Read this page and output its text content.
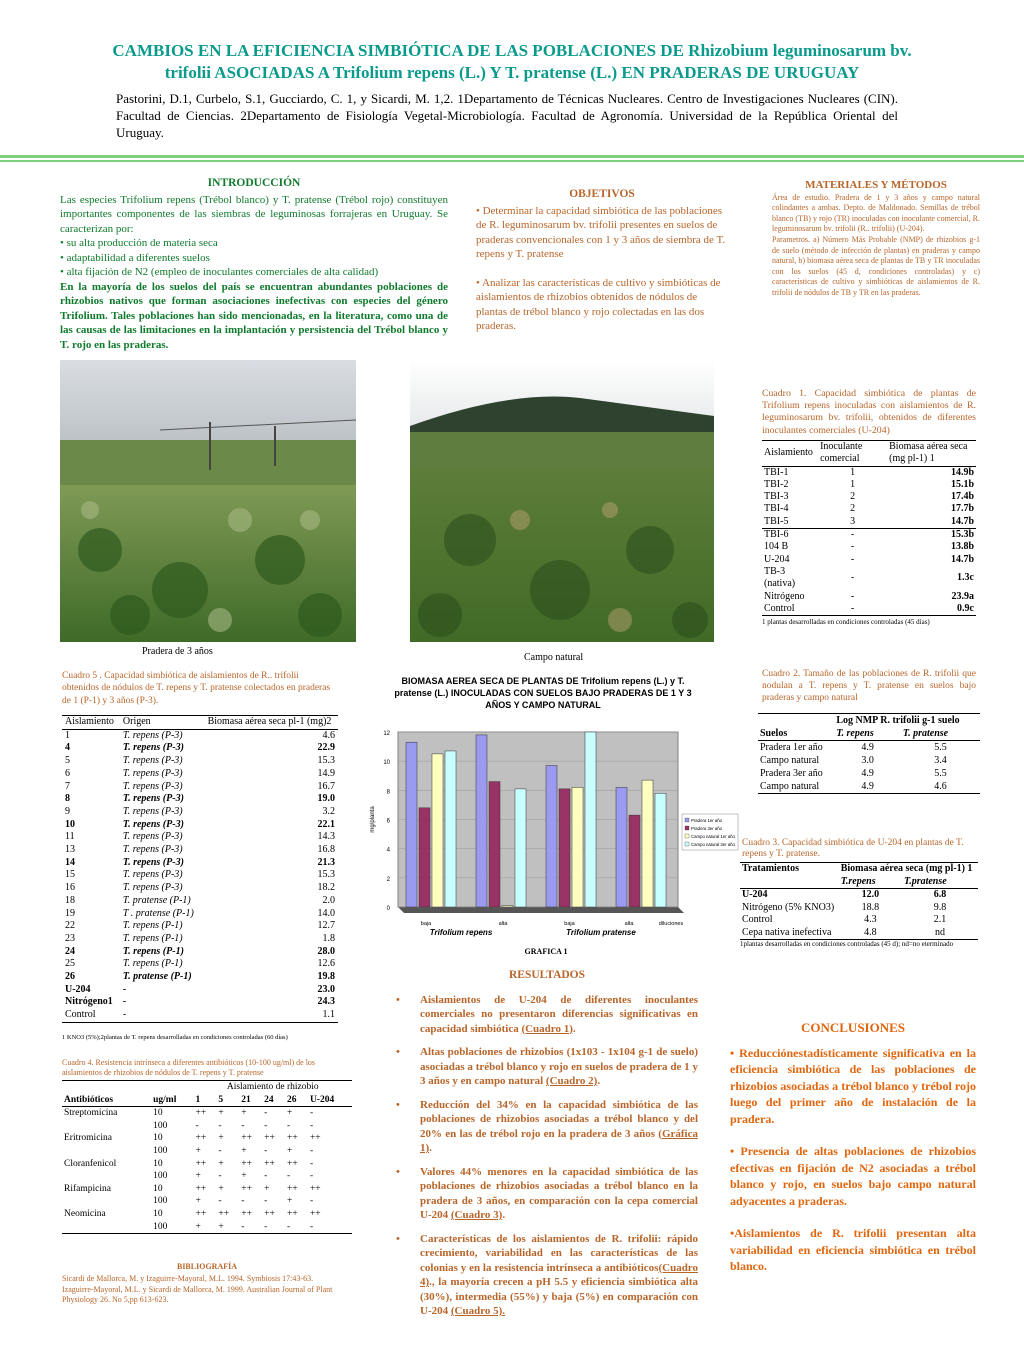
CAMBIOS EN LA EFICIENCIA SIMBIÓTICA DE LAS POBLACIONES DE Rhizobium leguminosarum bv.
trifolii ASOCIADAS A Trifolium repens (L.) Y T. pratense (L.) EN PRADERAS DE URUGUAY
Pastorini, D.1, Curbelo, S.1, Gucciardo, C. 1, y Sicardi, M. 1,2. 1Departamento de Técnicas Nucleares. Centro de Investigaciones Nucleares (CIN). Facultad de Ciencias. 2Departamento de Fisiología Vegetal-Microbiología. Facultad de Agronomía. Universidad de la República Oriental del Uruguay.
INTRODUCCIÓN
Las especies Trifolium repens (Trébol blanco) y T. pratense (Trébol rojo) constituyen importantes componentes de las siembras de leguminosas forrajeras en Uruguay. Se caracterizan por:
• su alta producción de materia seca
• adaptabilidad a diferentes suelos
• alta fijación de N2 (empleo de inoculantes comerciales de alta calidad)
En la mayoría de los suelos del país se encuentran abundantes poblaciones de rhizobios nativos que forman asociaciones inefectivas con especies del género Trifolium. Tales poblaciones han sido mencionadas, en la literatura, como una de las causas de las limitaciones en la implantación y persistencia del Trébol blanco y T. rojo en las praderas.
OBJETIVOS
• Determinar la capacidad simbiótica de las poblaciones de R. leguminosarum bv. trifolii presentes en suelos de praderas convencionales con 1 y 3 años de siembra de T. repens y T. pratense
• Analizar las características de cultivo y simbióticas de aislamientos de rhizobios obtenidos de nódulos de plantas de trébol blanco y rojo colectadas en las dos praderas.
MATERIALES Y MÉTODOS
Área de estudio. Pradera de 1 y 3 años y campo natural colindantes a ambas. Depto. de Maldonado. Semillas de trébol blanco (TB) y rojo (TR) inoculadas con inoculante comercial, R. leguminosarum bv. trifolii (R.. trifolii) (U-204).
Parametros. a) Número Más Probable (NMP) de rhizobios g-1 de suelo (método de infección de plantas) en praderas y campo natural, b) biomasa aérea seca de plantas de TB y TR inoculadas con los suelos (45 d, condiciones controladas) y c) características de cultivo y simbióticas de aislamientos de R. trifolii de nódulos de TB y TR en las praderas.
Pradera de 3 años
Campo natural
Cuadro 1. Capacidad simbiótica de plantas de Trifolium repens inoculadas con aislamientos de R. leguminosarum bv. trifolii, obtenidos de diferentes inoculantes comerciales (U-204)
Aislamiento	Inoculante comercial	Biomasa aérea seca (mg pl-1) 1
TBI-1	1	14.9b
TBI-2	1	15.1b
TBI-3	2	17.4b
TBI-4	2	17.7b
TBI-5	3	14.7b
TBI-6	-	15.3b
104 B	-	13.8b
U-204	-	14.7b
TB-3 (nativa)	-	1.3c
Nitrógeno	-	23.9a
Control	-	0.9c
1 plantas desarrolladas en condiciones controladas (45 días)
BIOMASA AEREA SECA DE PLANTAS DE Trifolium repens (L.) y T. pratense (L.) INOCULADAS CON SUELOS BAJO PRADERAS DE 1 Y 3 AÑOS Y CAMPO NATURAL
0
2
4
6
8
10
12
mg/planta
baja	alta	baja	alta	diluciones
Trifolium repens	Trifolium pratense
GRAFICA 1
Pradera 1er año
Pradera 3er año
Campo natural 1er año
Campo natural 3er año
Cuadro 2. Tamaño de las poblaciones de R. trifolii que nodulan a T. repens y T. pratense en suelos bajo praderas y campo natural
	Log NMP R. trifolii g-1 suelo	
Suelos	T. repens	T. pratense
Pradera 1er año	4.9	5.5
Campo natural	3.0	3.4
Pradera 3er año	4.9	5.5
Campo natural	4.9	4.6
Cuadro 3. Capacidad simbiótica de U-204 en plantas de T. repens y T. pratense.
Tratamientos	Biomasa aérea seca (mg pl-1) 1	
	T.repens	T.pratense
U-204	12.0	6.8
Nitrógeno (5% KNO3)	18.8	9.8
Control	4.3	2.1
Cepa nativa inefectiva	4.8	nd
1plantas desarrolladas en condiciones controladas (45 d); nd=no eterminado
Cuadro 5 . Capacidad simbiótica de aislamientos de R.. trifolii obtenidos de nódulos de T. repens y T. pratense colectados en praderas de 1 (P-1) y 3 años (P-3).
Aislamiento	Origen	Biomasa aérea seca pl-1 (mg)2
1	T. repens (P-3)	4.6
4	T. repens (P-3)	22.9
5	T. repens (P-3)	15.3
6	T. repens (P-3)	14.9
7	T. repens (P-3)	16.7
8	T. repens (P-3)	19.0
9	T. repens (P-3)	3.2
10	T. repens (P-3)	22.1
11	T. repens (P-3)	14.3
13	T. repens (P-3)	16.8
14	T. repens (P-3)	21.3
15	T. repens (P-3)	15.3
16	T. repens (P-3)	18.2
18	T. pratense (P-1)	2.0
19	T . pratense (P-1)	14.0
22	T. repens (P-1)	12.7
23	T. repens (P-1)	1.8
24	T. repens (P-1)	28.0
25	T. repens (P-1)	12.6
26	T. pratense (P-1)	19.8
U-204	-	23.0
Nitrógeno1	-	24.3
Control	-	1.1
1 KNO3 (5%);2plantas de T. repens desarrolladas en condiciones controladas (60 días)
Cuadro 4. Resistencia intrínseca a diferentes antibióticos (10-100 ug/ml) de los aislamientos de rhizobios de nódulos de T. repens y T. pratense
		Aislamiento de rhizobio					
Antibióticos	ug/ml	1	5	21	24	26	U-204
Streptomicina	10	++	+	+	-	+	-
	100	-	-	-	-	-	-
Eritromicina	10	++	+	++	++	++	++
	100	+	-	+	-	+	-
Cloranfenicol	10	++	+	++	++	++	-
	100	+	-	+	-	-	-
Rifampicina	10	++	+	++	+	++	++
	100	+	-	-	-	+	-
Neomicina	10	++	++	++	++	++	++
	100	+	+	-	-	-	-
BIBLIOGRAFÍA
Sicardi de Mallorca, M. y Izaguirre-Mayoral, M.L. 1994. Symbiosis 17:43-63.
Izaguirre-Mayoral, M.L. y Sicardi de Mallorca, M. 1999. Australian Journal of Plant Physiology 26. No 5,pp 613-623.
RESULTADOS
• Aislamientos de U-204 de diferentes inoculantes comerciales no presentaron diferencias significativas en capacidad simbiótica (Cuadro 1).
• Altas poblaciones de rhizobios (1x103 - 1x104 g-1 de suelo) asociadas a trébol blanco y rojo en suelos de pradera de 1 y 3 años y en campo natural (Cuadro 2).
• Reducción del 34% en la capacidad simbiótica de las poblaciones de rhizobios asociadas a trébol blanco y del 20% en las de trébol rojo en la pradera de 3 años (Gráfica 1).
• Valores 44% menores en la capacidad simbiótica de las poblaciones de rhizobios asociadas a trébol blanco en la pradera de 3 años, en comparación con la cepa comercial U-204 (Cuadro 3).
• Características de los aislamientos de R. trifolii: rápido crecimiento, variabilidad en las características de las colonias y en la resistencia intrínseca a antibióticos(Cuadro 4)., la mayoría crecen a pH 5.5 y eficiencia simbiótica alta (30%), intermedia (55%) y baja (5%) en comparación con U-204 (Cuadro 5).
CONCLUSIONES
• Reducciónestadísticamente significativa en la eficiencia simbiótica de las poblaciones de rhizobios asociadas a trébol blanco y trébol rojo luego del primer año de instalación de la pradera.
• Presencia de altas poblaciones de rhizobios efectivas en fijación de N2 asociadas a trébol blanco y rojo, en suelos bajo campo natural adyacentes a praderas.
•Aislamientos de R. trifolii presentan alta variabilidad en eficiencia simbiótica en trébol blanco.
